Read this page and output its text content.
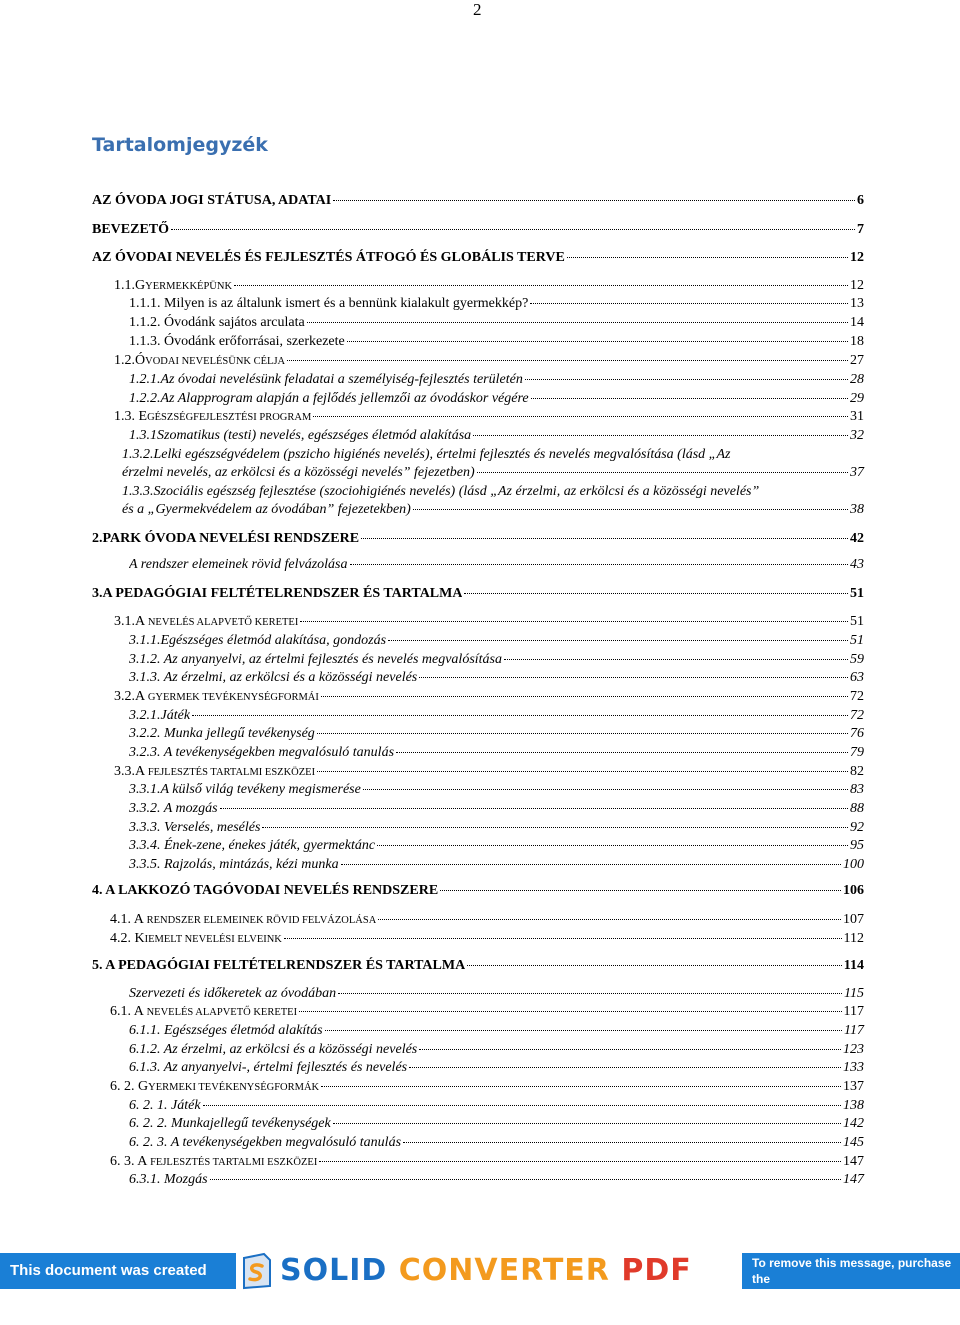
2
Tartalomjegyzék
AZ ÓVODA JOGI STÁTUSA, ADATAI	6
BEVEZETŐ	7
AZ ÓVODAI NEVELÉS ÉS FEJLESZTÉS ÁTFOGÓ ÉS GLOBÁLIS TERVE	12
1.1.GYERMEKKÉPÜNK	12
1.1.1. Milyen is az általunk ismert és a bennünk kialakult gyermekkép?	13
1.1.2. Óvodánk sajátos arculata	14
1.1.3. Óvodánk erőforrásai, szerkezete	18
1.2.ÓVODAI NEVELÉSÜNK CÉLJA	27
1.2.1.Az óvodai nevelésünk feladatai a személyiség-fejlesztés területén	28
1.2.2.Az Alapprogram alapján a fejlődés jellemzői az óvodáskor végére	29
1.3. EGÉSZSÉGFEJLESZTÉSI PROGRAM	31
1.3.1Szomatikus (testi) nevelés, egészséges életmód alakítása	32
1.3.2.Lelki egészségvédelem (pszicho higiénés nevelés), értelmi fejlesztés és nevelés megvalósítása (lásd „Az
érzelmi nevelés, az erkölcsi és a közösségi nevelés” fejezetben)	37
1.3.3.Szociális egészség fejlesztése (szociohigiénés nevelés) (lásd „Az érzelmi, az erkölcsi és a közösségi nevelés”
és a „Gyermekvédelem az óvodában” fejezetekben)	38
2.PARK ÓVODA NEVELÉSI RENDSZERE	42
A rendszer elemeinek rövid felvázolása	43
3.A PEDAGÓGIAI FELTÉTELRENDSZER ÉS TARTALMA	51
3.1.A NEVELÉS ALAPVETŐ KERETEI	51
3.1.1.Egészséges életmód alakítása, gondozás	51
3.1.2. Az anyanyelvi, az értelmi fejlesztés és nevelés megvalósítása	59
3.1.3. Az érzelmi, az erkölcsi és a közösségi nevelés	63
3.2.A GYERMEK TEVÉKENYSÉGFORMÁI	72
3.2.1.Játék	72
3.2.2. Munka jellegű tevékenység	76
3.2.3. A tevékenységekben megvalósuló tanulás	79
3.3.A FEJLESZTÉS TARTALMI ESZKÖZEI	82
3.3.1.A külső világ tevékeny megismerése	83
3.3.2. A mozgás	88
3.3.3. Verselés, mesélés	92
3.3.4. Ének-zene, énekes játék, gyermektánc	95
3.3.5. Rajzolás, mintázás, kézi munka	100
4. A LAKKOZÓ TAGÓVODAI NEVELÉS RENDSZERE	106
4.1. A RENDSZER ELEMEINEK RÖVID FELVÁZOLÁSA	107
4.2. KIEMELT NEVELÉSI ELVEINK	112
5. A PEDAGÓGIAI FELTÉTELRENDSZER ÉS TARTALMA	114
Szervezeti és időkeretek az óvodában	115
6.1. A NEVELÉS ALAPVETŐ KERETEI	117
6.1.1. Egészséges életmód alakítás	117
6.1.2. Az érzelmi, az erkölcsi és a közösségi nevelés	123
6.1.3. Az anyanyelvi-, értelmi fejlesztés és nevelés	133
6. 2. GYERMEKI TEVÉKENYSÉGFORMÁK	137
6. 2. 1. Játék	138
6. 2. 2. Munkajellegű tevékenységek	142
6. 2. 3. A tevékenységekben megvalósuló tanulás	145
6. 3. A FEJLESZTÉS TARTALMI ESZKÖZEI	147
6.3.1. Mozgás	147
This document was created using
SOLID CONVERTER PDF	To remove this message, purchase the
product at www.SolidDocuments.com
